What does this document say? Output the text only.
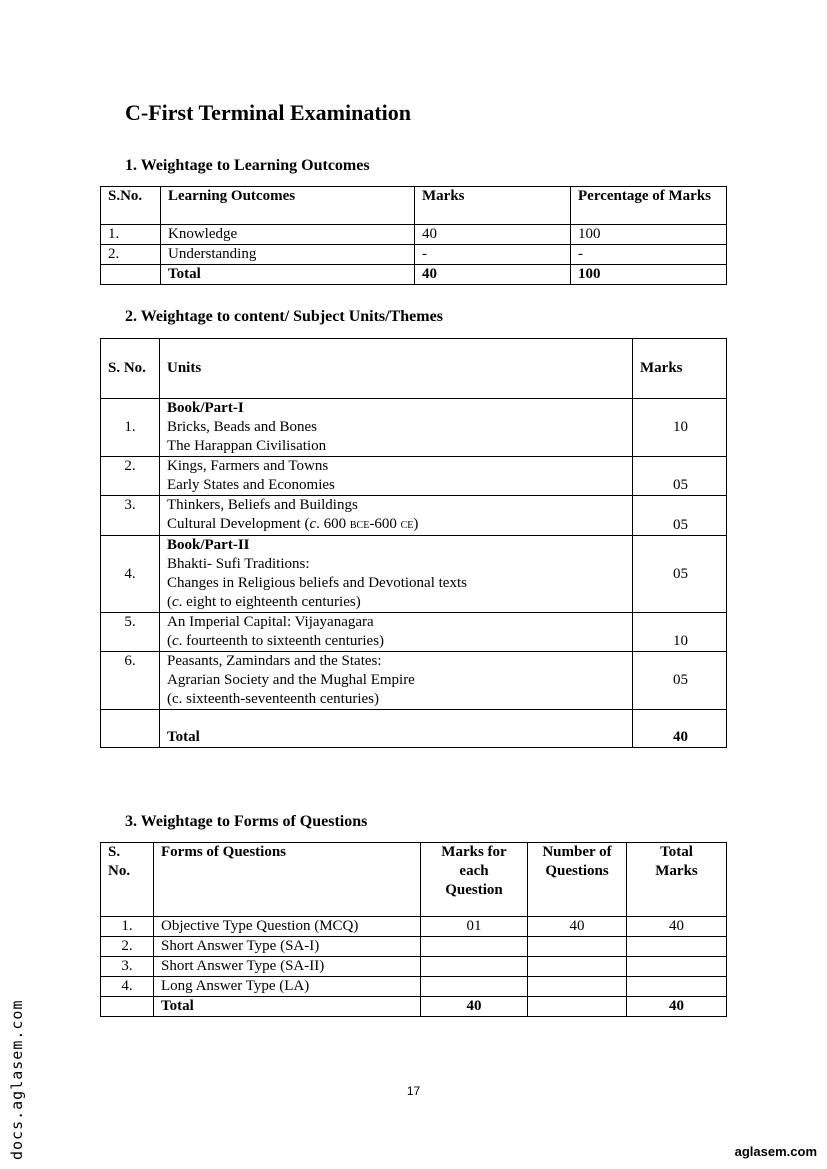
C-First Terminal Examination
1. Weightage to Learning Outcomes
S.No.	Learning Outcomes	Marks	Percentage of Marks
1.	Knowledge	40	100
2.	Understanding	-	-
	Total	40	100
2. Weightage to content/ Subject Units/Themes
S. No.	Units	Marks
1.	Book/Part-I
Bricks, Beads and Bones
The Harappan Civilisation	10
2.	Kings, Farmers and Towns
Early States and Economies	05
3.	Thinkers, Beliefs and Buildings
Cultural Development (c. 600 BCE-600 CE)	05
4.	Book/Part-II
Bhakti- Sufi Traditions:
Changes in Religious beliefs and Devotional texts
(c. eight to eighteenth centuries)	05
5.	An Imperial Capital: Vijayanagara
(c. fourteenth to sixteenth centuries)	10
6.	Peasants, Zamindars and the States:
Agrarian Society and the Mughal Empire
(c. sixteenth-seventeenth centuries)	05
	Total	40
3. Weightage to Forms of Questions
S.
No.	Forms of Questions	Marks for
each
Question	Number of
Questions	Total
Marks
1.	Objective Type Question (MCQ)	01	40	40
2.	Short Answer Type (SA-I)			
3.	Short Answer Type (SA-II)			
4.	Long Answer Type (LA)			
	Total	40		40
17
docs.aglasem.com	aglasem.com
